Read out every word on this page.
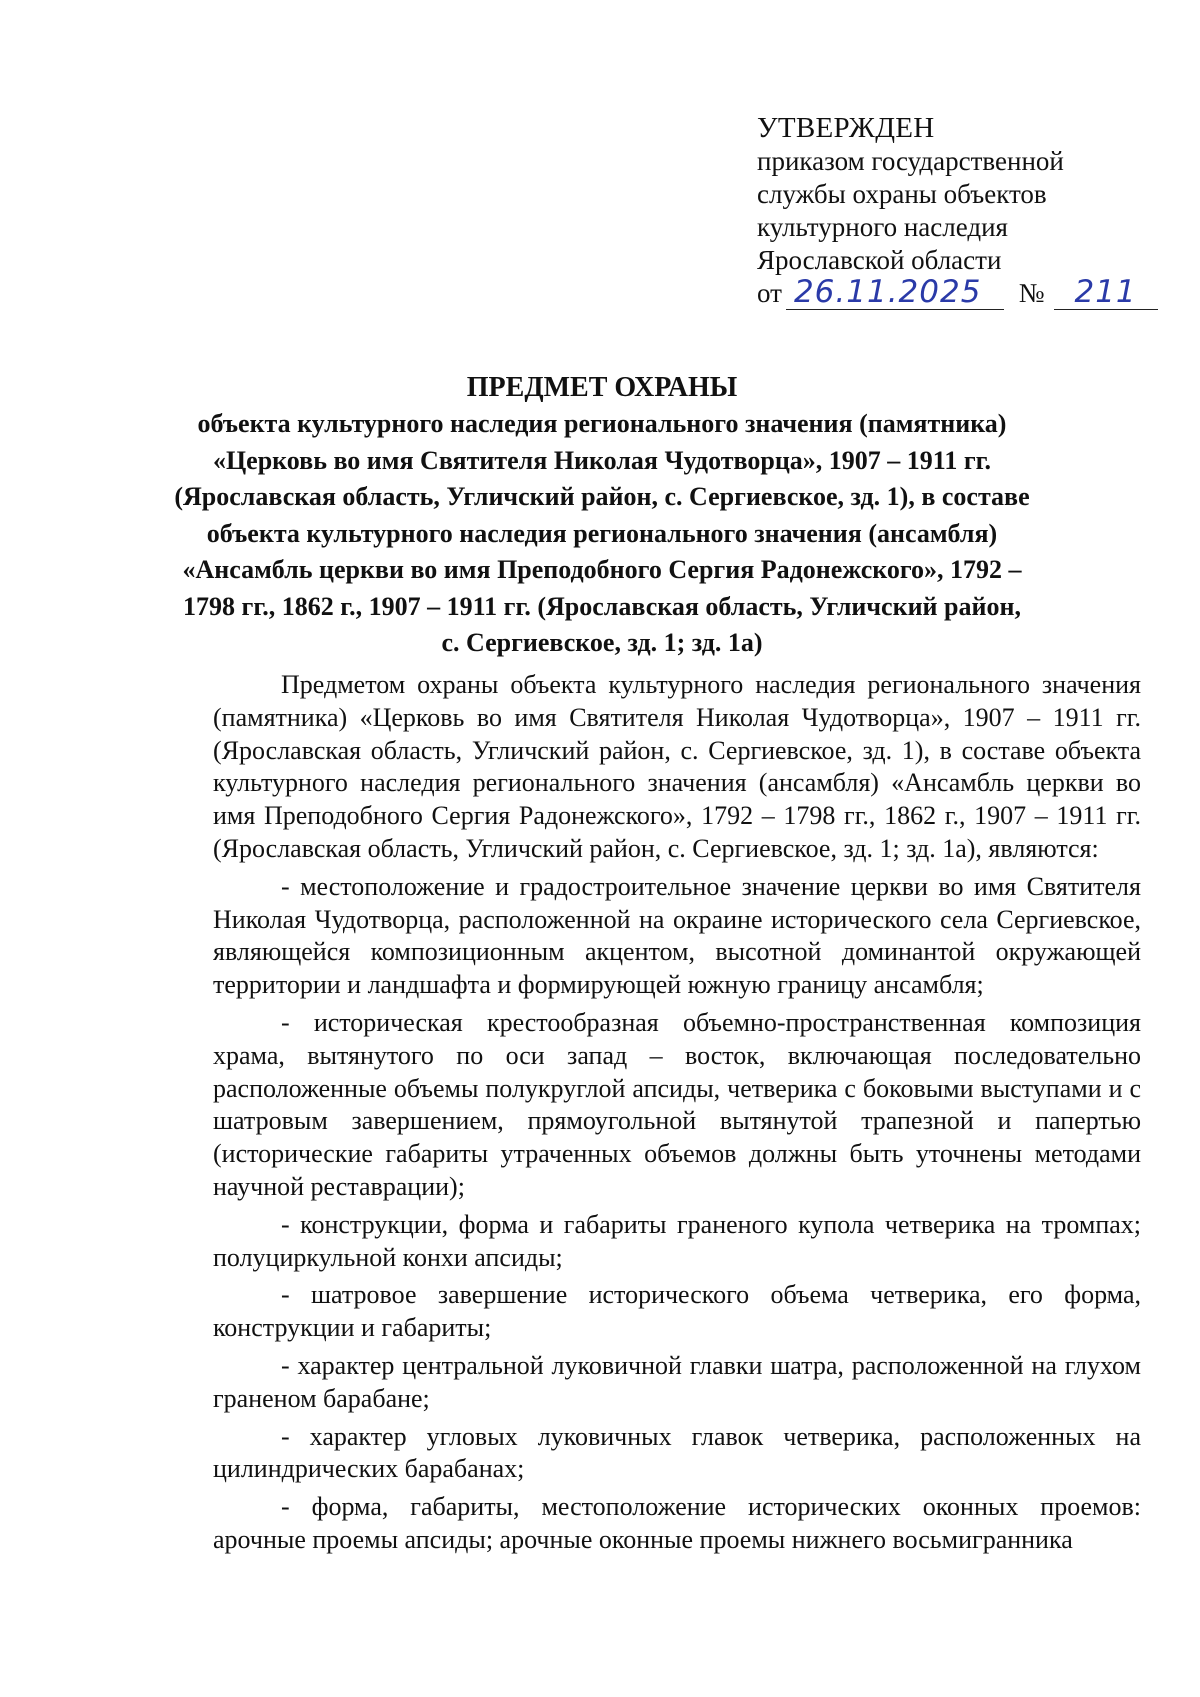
УТВЕРЖДЕН
приказом государственной
службы охраны объектов
культурного наследия
Ярославской области
от 26.11.2025 № 211
ПРЕДМЕТ ОХРАНЫ
объекта культурного наследия регионального значения (памятника)
«Церковь во имя Святителя Николая Чудотворца», 1907 – 1911 гг.
(Ярославская область, Угличский район, с. Сергиевское, зд. 1), в составе
объекта культурного наследия регионального значения (ансамбля)
«Ансамбль церкви во имя Преподобного Сергия Радонежского», 1792 –
1798 гг., 1862 г., 1907 – 1911 гг. (Ярославская область, Угличский район,
с. Сергиевское, зд. 1; зд. 1а)

Предметом охраны объекта культурного наследия регионального значения (памятника) «Церковь во имя Святителя Николая Чудотворца», 1907 – 1911 гг. (Ярославская область, Угличский район, с. Сергиевское, зд. 1), в составе объекта культурного наследия регионального значения (ансамбля) «Ансамбль церкви во имя Преподобного Сергия Радонежского», 1792 – 1798 гг., 1862 г., 1907 – 1911 гг. (Ярославская область, Угличский район, с. Сергиевское, зд. 1; зд. 1а), являются:

- местоположение и градостроительное значение церкви во имя Святителя Николая Чудотворца, расположенной на окраине исторического села Сергиевское, являющейся композиционным акцентом, высотной доминантой окружающей территории и ландшафта и формирующей южную границу ансамбля;

- историческая крестообразная объемно-пространственная композиция храма, вытянутого по оси запад – восток, включающая последовательно расположенные объемы полукруглой апсиды, четверика с боковыми выступами и с шатровым завершением, прямоугольной вытянутой трапезной и папертью (исторические габариты утраченных объемов должны быть уточнены методами научной реставрации);

- конструкции, форма и габариты граненого купола четверика на тромпах; полуциркульной конхи апсиды;

- шатровое завершение исторического объема четверика, его форма, конструкции и габариты;

- характер центральной луковичной главки шатра, расположенной на глухом граненом барабане;

- характер угловых луковичных главок четверика, расположенных на цилиндрических барабанах;

- форма, габариты, местоположение исторических оконных проемов: арочные проемы апсиды; арочные оконные проемы нижнего восьмигранника
